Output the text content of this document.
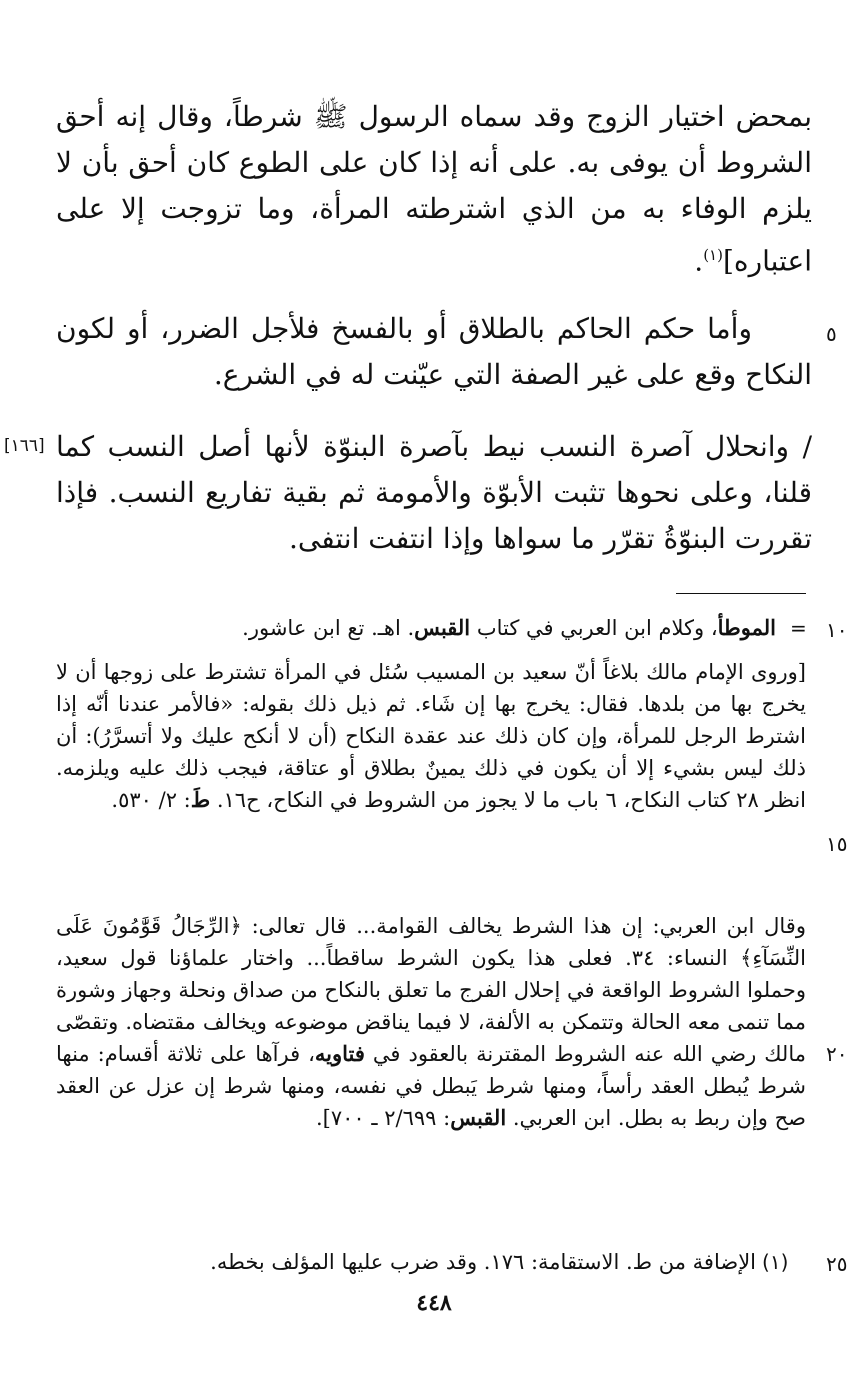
بمحض اختيار الزوج وقد سماه الرسول ﷺ شرطاً، وقال إنه أحق الشروط أن يوفى به. على أنه إذا كان على الطوع كان أحق بأن لا يلزم الوفاء به من الذي اشترطته المرأة، وما تزوجت إلا على اعتباره]$^{(١)}$.

٥

وأما حكم الحاكم بالطلاق أو بالفسخ فلأجل الضرر، أو لكون النكاح وقع على غير الصفة التي عيّنت له في الشرع.

[١٦٦] / وانحلال آصرة النسب نيط بآصرة البنوّة لأنها أصل النسب كما قلنا، وعلى نحوها تثبت الأبوّة والأمومة ثم بقية تفاريع النسب. فإذا تقررت البنوّةُ تقرّر ما سواها وإذا انتفت انتفى.

١٠
=

الموطأ، وكلام ابن العربي في كتاب القبس. اهـ. تع ابن عاشور.

[وروى الإمام مالك بلاغاً أنّ سعيد بن المسيب سُئل في المرأة تشترط على زوجها أن لا يخرج بها من بلدها. فقال: يخرج بها إن شَاء. ثم ذيل ذلك بقوله: «فالأمر عندنا أنّه إذا اشترط الرجل للمرأة، وإن كان ذلك عند عقدة النكاح (أن لا أنكح عليك ولا أتسرَّرُ): أن ذلك ليس بشيء إلا أن يكون في ذلك يمينٌ بطلاق أو عتاقة، فيجب ذلك عليه ويلزمه. انظر ٢٨ كتاب النكاح، ٦ باب ما لا يجوز من الشروط في النكاح، ح١٦. طَ: ٢/ ٥٣٠.

١٥

وقال ابن العربي: إن هذا الشرط يخالف القوامة... قال تعالى: ﴿الرِّجَالُ قَوَّٰمُونَ عَلَى النِّسَآءِ﴾ النساء: ٣٤. فعلى هذا يكون الشرط ساقطاً... واختار علماؤنا قول سعيد، وحملوا الشروط الواقعة في إحلال الفرج ما تعلق بالنكاح من صداق ونحلة وجهاز وشورة مما تنمى معه الحالة وتتمكن به الألفة، لا فيما يناقض موضوعه ويخالف مقتضاه. وتقصّى مالك رضي الله عنه الشروط المقترنة بالعقود في فتاويه، فرآها على ثلاثة أقسام: منها شرط يُبطل العقد رأساً، ومنها شرط يَبطل في نفسه، ومنها شرط إن عزل عن العقد صح وإن ربط به بطل. ابن العربي. القبس: ٢/٦٩٩ ـ ٧٠٠].

٢٠
٢٥
(١)

الإضافة من ط. الاستقامة: ١٧٦. وقد ضرب عليها المؤلف بخطه.

٤٤٨
